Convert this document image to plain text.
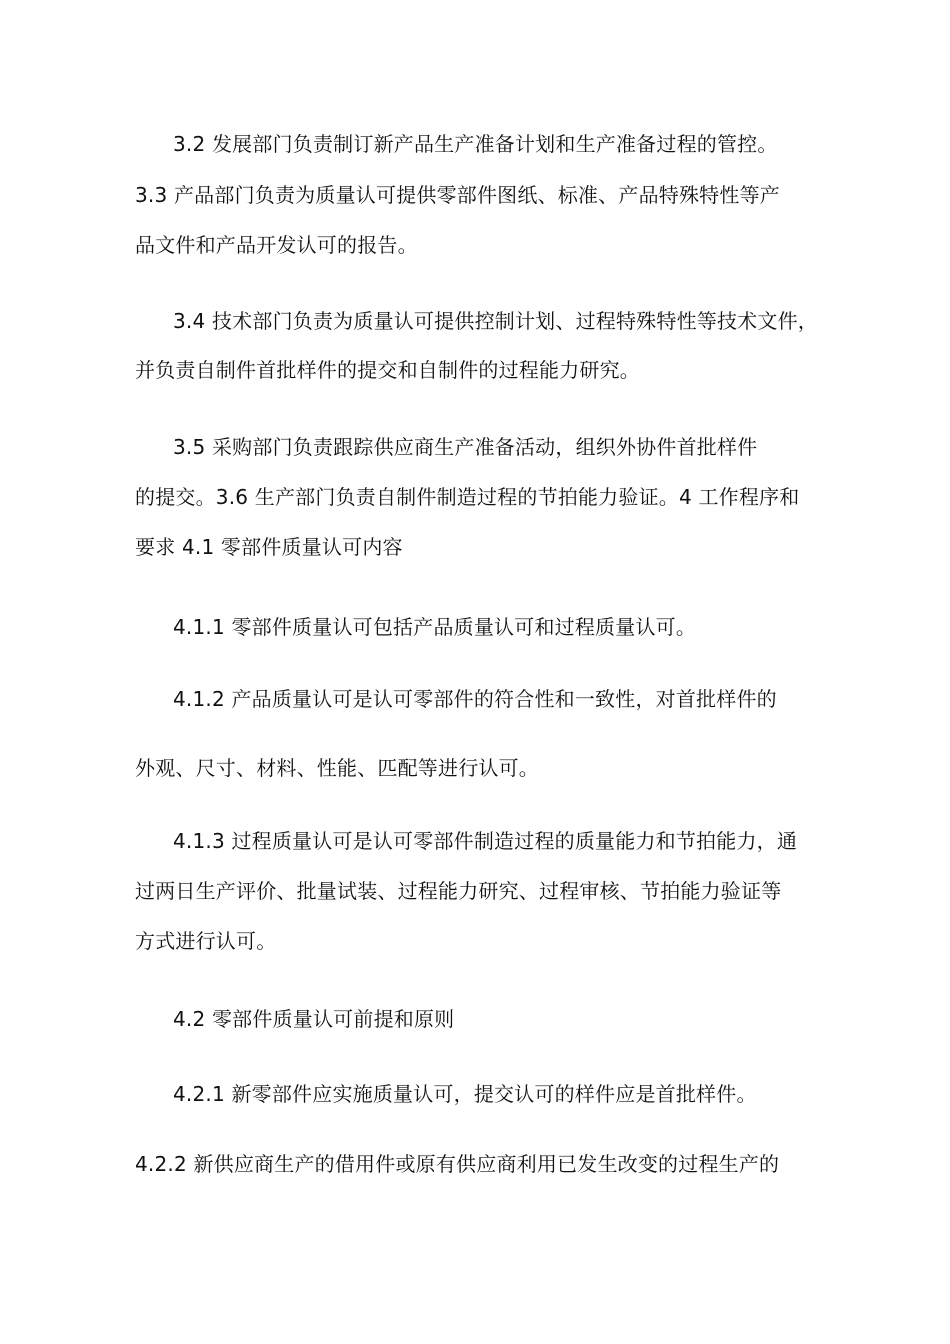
3.2 发展部门负责制订新产品生产准备计划和生产准备过程的管控。
3.3 产品部门负责为质量认可提供零部件图纸、标准、产品特殊特性等产
品文件和产品开发认可的报告。
3.4 技术部门负责为质量认可提供控制计划、过程特殊特性等技术文件，
并负责自制件首批样件的提交和自制件的过程能力研究。
3.5 采购部门负责跟踪供应商生产准备活动，组织外协件首批样件
的提交。3.6 生产部门负责自制件制造过程的节拍能力验证。4 工作程序和
要求 4.1 零部件质量认可内容
4.1.1 零部件质量认可包括产品质量认可和过程质量认可。
4.1.2 产品质量认可是认可零部件的符合性和一致性，对首批样件的
外观、尺寸、材料、性能、匹配等进行认可。
4.1.3 过程质量认可是认可零部件制造过程的质量能力和节拍能力，通
过两日生产评价、批量试装、过程能力研究、过程审核、节拍能力验证等
方式进行认可。
4.2 零部件质量认可前提和原则
4.2.1 新零部件应实施质量认可，提交认可的样件应是首批样件。
4.2.2 新供应商生产的借用件或原有供应商利用已发生改变的过程生产的
